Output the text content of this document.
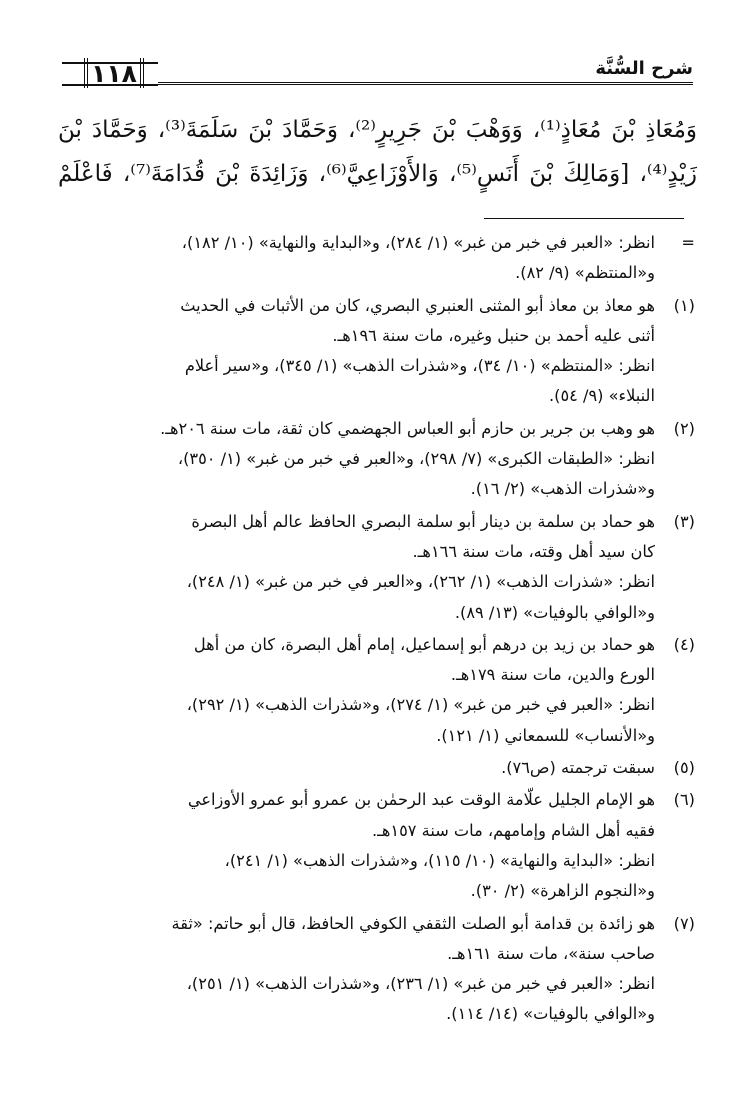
١١٨	شرح السُّنَّة
وَمُعَاذِ بْنَ مُعَاذٍ⁽¹⁾، وَوَهْبَ بْنَ جَرِيرٍ⁽²⁾، وَحَمَّادَ بْنَ سَلَمَةَ⁽³⁾، وَحَمَّادَ بْنَ
زَيْدٍ⁽⁴⁾، [وَمَالِكَ بْنَ أَنَسٍ⁽⁵⁾، وَالأَوْزَاعِيَّ⁽⁶⁾، وَزَائِدَةَ بْنَ قُدَامَةَ⁽⁷⁾، فَاعْلَمْ
=
انظر: «العبر في خبر من غبر» (١/ ٢٨٤)، و«البداية والنهاية» (١٠/ ١٨٢)،
و«المنتظم» (٩/ ٨٢).
(١)
هو معاذ بن معاذ أبو المثنى العنبري البصري، كان من الأثبات في الحديث
أثنى عليه أحمد بن حنبل وغيره، مات سنة ١٩٦هـ.
انظر: «المنتظم» (١٠/ ٣٤)، و«شذرات الذهب» (١/ ٣٤٥)، و«سير أعلام
النبلاء» (٩/ ٥٤).
(٢)
هو وهب بن جرير بن حازم أبو العباس الجهضمي كان ثقة، مات سنة ٢٠٦هـ.
انظر: «الطبقات الكبرى» (٧/ ٢٩٨)، و«العبر في خبر من غبر» (١/ ٣٥٠)،
و«شذرات الذهب» (٢/ ١٦).
(٣)
هو حماد بن سلمة بن دينار أبو سلمة البصري الحافظ عالم أهل البصرة
كان سيد أهل وقته، مات سنة ١٦٦هـ.
انظر: «شذرات الذهب» (١/ ٢٦٢)، و«العبر في خبر من غبر» (١/ ٢٤٨)،
و«الوافي بالوفيات» (١٣/ ٨٩).
(٤)
هو حماد بن زيد بن درهم أبو إسماعيل، إمام أهل البصرة، كان من أهل
الورع والدين، مات سنة ١٧٩هـ.
انظر: «العبر في خبر من غبر» (١/ ٢٧٤)، و«شذرات الذهب» (١/ ٢٩٢)،
و«الأنساب» للسمعاني (١/ ١٢١).
(٥)
سبقت ترجمته (ص٧٦).
(٦)
هو الإمام الجليل علّامة الوقت عبد الرحمٰن بن عمرو أبو عمرو الأوزاعي
فقيه أهل الشام وإمامهم، مات سنة ١٥٧هـ.
انظر: «البداية والنهاية» (١٠/ ١١٥)، و«شذرات الذهب» (١/ ٢٤١)،
و«النجوم الزاهرة» (٢/ ٣٠).
(٧)
هو زائدة بن قدامة أبو الصلت الثقفي الكوفي الحافظ، قال أبو حاتم: «ثقة
صاحب سنة»، مات سنة ١٦١هـ.
انظر: «العبر في خبر من غبر» (١/ ٢٣٦)، و«شذرات الذهب» (١/ ٢٥١)،
و«الوافي بالوفيات» (١٤/ ١١٤).
